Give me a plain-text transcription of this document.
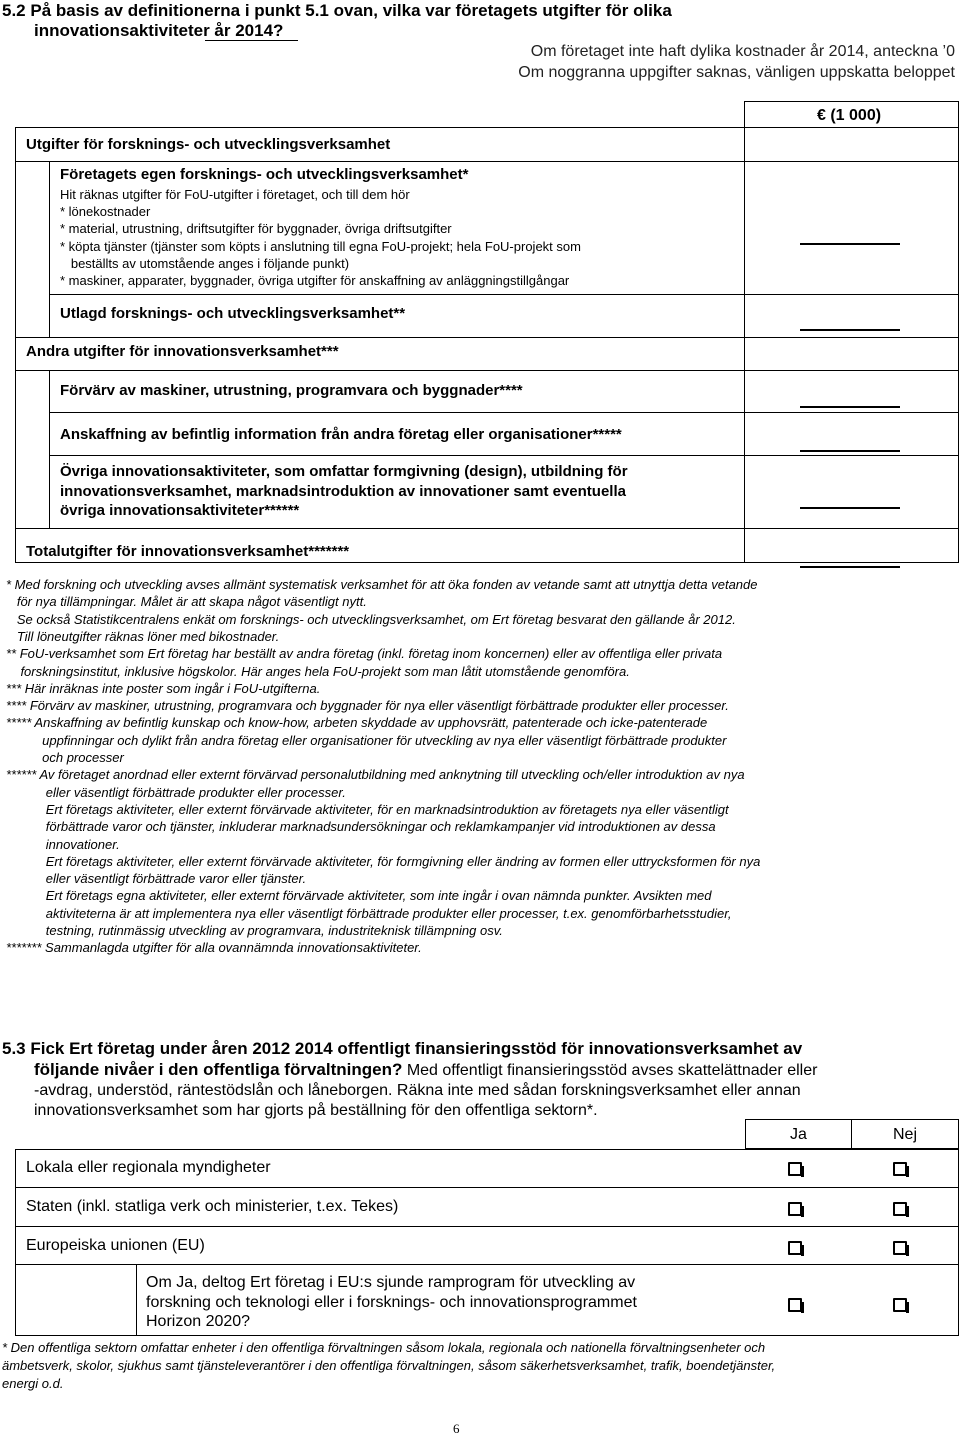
5.2 På basis av definitionerna i punkt 5.1 ovan, vilka var företagets utgifter för olika
innovationsaktiviteter år 2014?
Om företaget inte haft dylika kostnader år 2014, anteckna ’0
Om noggranna uppgifter saknas, vänligen uppskatta beloppet
€ (1 000)
Utgifter för forsknings- och utvecklingsverksamhet
Företagets egen forsknings- och utvecklingsverksamhet*
Hit räknas utgifter för FoU-utgifter i företaget, och till dem hör
* lönekostnader
* material, utrustning, driftsutgifter för byggnader, övriga driftsutgifter
* köpta tjänster (tjänster som köpts i anslutning till egna FoU-projekt; hela FoU-projekt som
beställts av utomstående anges i följande punkt)
* maskiner, apparater, byggnader, övriga utgifter för anskaffning av anläggningstillgångar
Utlagd forsknings- och utvecklingsverksamhet**
Andra utgifter för innovationsverksamhet***
Förvärv av maskiner, utrustning, programvara och byggnader****
Anskaffning av befintlig information från andra företag eller organisationer*****
Övriga innovationsaktiviteter, som omfattar formgivning (design), utbildning för
innovationsverksamhet, marknadsintroduktion av innovationer samt eventuella
övriga innovationsaktiviteter******
Totalutgifter för innovationsverksamhet*******
* Med forskning och utveckling avses allmänt systematisk verksamhet för att öka fonden av vetande samt att utnyttja detta vetande
för nya tillämpningar. Målet är att skapa något väsentligt nytt.
Se också Statistikcentralens enkät om forsknings- och utvecklingsverksamhet, om Ert företag besvarat den gällande år 2012.
Till löneutgifter räknas löner med bikostnader.
** FoU-verksamhet som Ert företag har beställt av andra företag (inkl. företag inom koncernen) eller av offentliga eller privata
forskningsinstitut, inklusive högskolor. Här anges hela FoU-projekt som man låtit utomstående genomföra.
*** Här inräknas inte poster som ingår i FoU-utgifterna.
**** Förvärv av maskiner, utrustning, programvara och byggnader för nya eller väsentligt förbättrade produkter eller processer.
***** Anskaffning av befintlig kunskap och know-how, arbeten skyddade av upphovsrätt, patenterade och icke-patenterade
uppfinningar och dylikt från andra företag eller organisationer för utveckling av nya eller väsentligt förbättrade produkter
och processer
****** Av företaget anordnad eller externt förvärvad personalutbildning med anknytning till utveckling och/eller introduktion av nya
eller väsentligt förbättrade produkter eller processer.
Ert företags aktiviteter, eller externt förvärvade aktiviteter, för en marknadsintroduktion av företagets nya eller väsentligt
förbättrade varor och tjänster, inkluderar marknadsundersökningar och reklamkampanjer vid introduktionen av dessa
innovationer.
Ert företags aktiviteter, eller externt förvärvade aktiviteter, för formgivning eller ändring av formen eller uttrycksformen för nya
eller väsentligt förbättrade varor eller tjänster.
Ert företags egna aktiviteter, eller externt förvärvade aktiviteter, som inte ingår i ovan nämnda punkter. Avsikten med
aktiviteterna är att implementera nya eller väsentligt förbättrade produkter eller processer, t.ex. genomförbarhetsstudier,
testning, rutinmässig utveckling av programvara, industriteknisk tillämpning osv.
******* Sammanlagda utgifter för alla ovannämnda innovationsaktiviteter.
5.3 Fick Ert företag under åren 2012 2014 offentligt finansieringsstöd för innovationsverksamhet av
följande nivåer i den offentliga förvaltningen? Med offentligt finansieringsstöd avses skattelättnader eller
-avdrag, understöd, räntestödslån och låneborgen. Räkna inte med sådan forskningsverksamhet eller annan
innovationsverksamhet som har gjorts på beställning för den offentliga sektorn*.
Ja	Nej
Lokala eller regionala myndigheter
Staten (inkl. statliga verk och ministerier, t.ex. Tekes)
Europeiska unionen (EU)
Om Ja, deltog Ert företag i EU:s sjunde ramprogram för utveckling av
forskning och teknologi eller i forsknings- och innovationsprogrammet
Horizon 2020?
* Den offentliga sektorn omfattar enheter i den offentliga förvaltningen såsom lokala, regionala och nationella förvaltningsenheter och
ämbetsverk, skolor, sjukhus samt tjänsteleverantörer i den offentliga förvaltningen, såsom säkerhetsverksamhet, trafik, boendetjänster,
energi o.d.
6
